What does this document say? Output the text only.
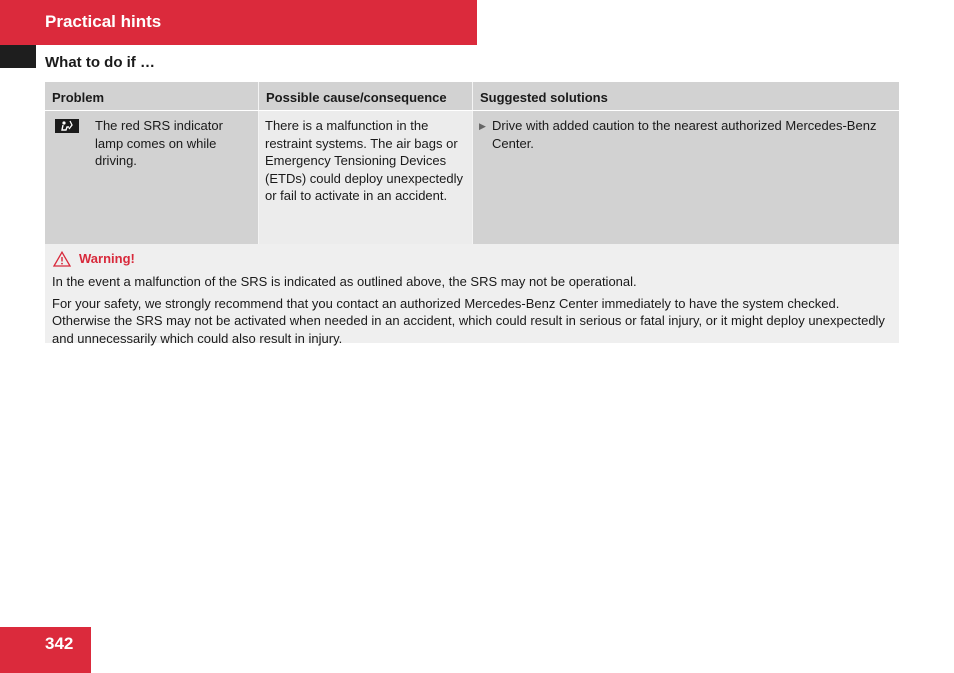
Practical hints
What to do if …
Problem	Possible cause/consequence	Suggested solutions
The red SRS indicator lamp comes on while driving.
There is a malfunction in the restraint systems. The air bags or Emergency Tensioning Devices (ETDs) could deploy unexpectedly or fail to activate in an accident.
▶ Drive with added caution to the nearest authorized Mercedes-Benz Center.
Warning!

In the event a malfunction of the SRS is indicated as outlined above, the SRS may not be operational.

For your safety, we strongly recommend that you contact an authorized Mercedes-Benz Center immediately to have the system checked. Otherwise the SRS may not be activated when needed in an accident, which could result in serious or fatal injury, or it might deploy unexpectedly and unnecessarily which could also result in injury.

342
